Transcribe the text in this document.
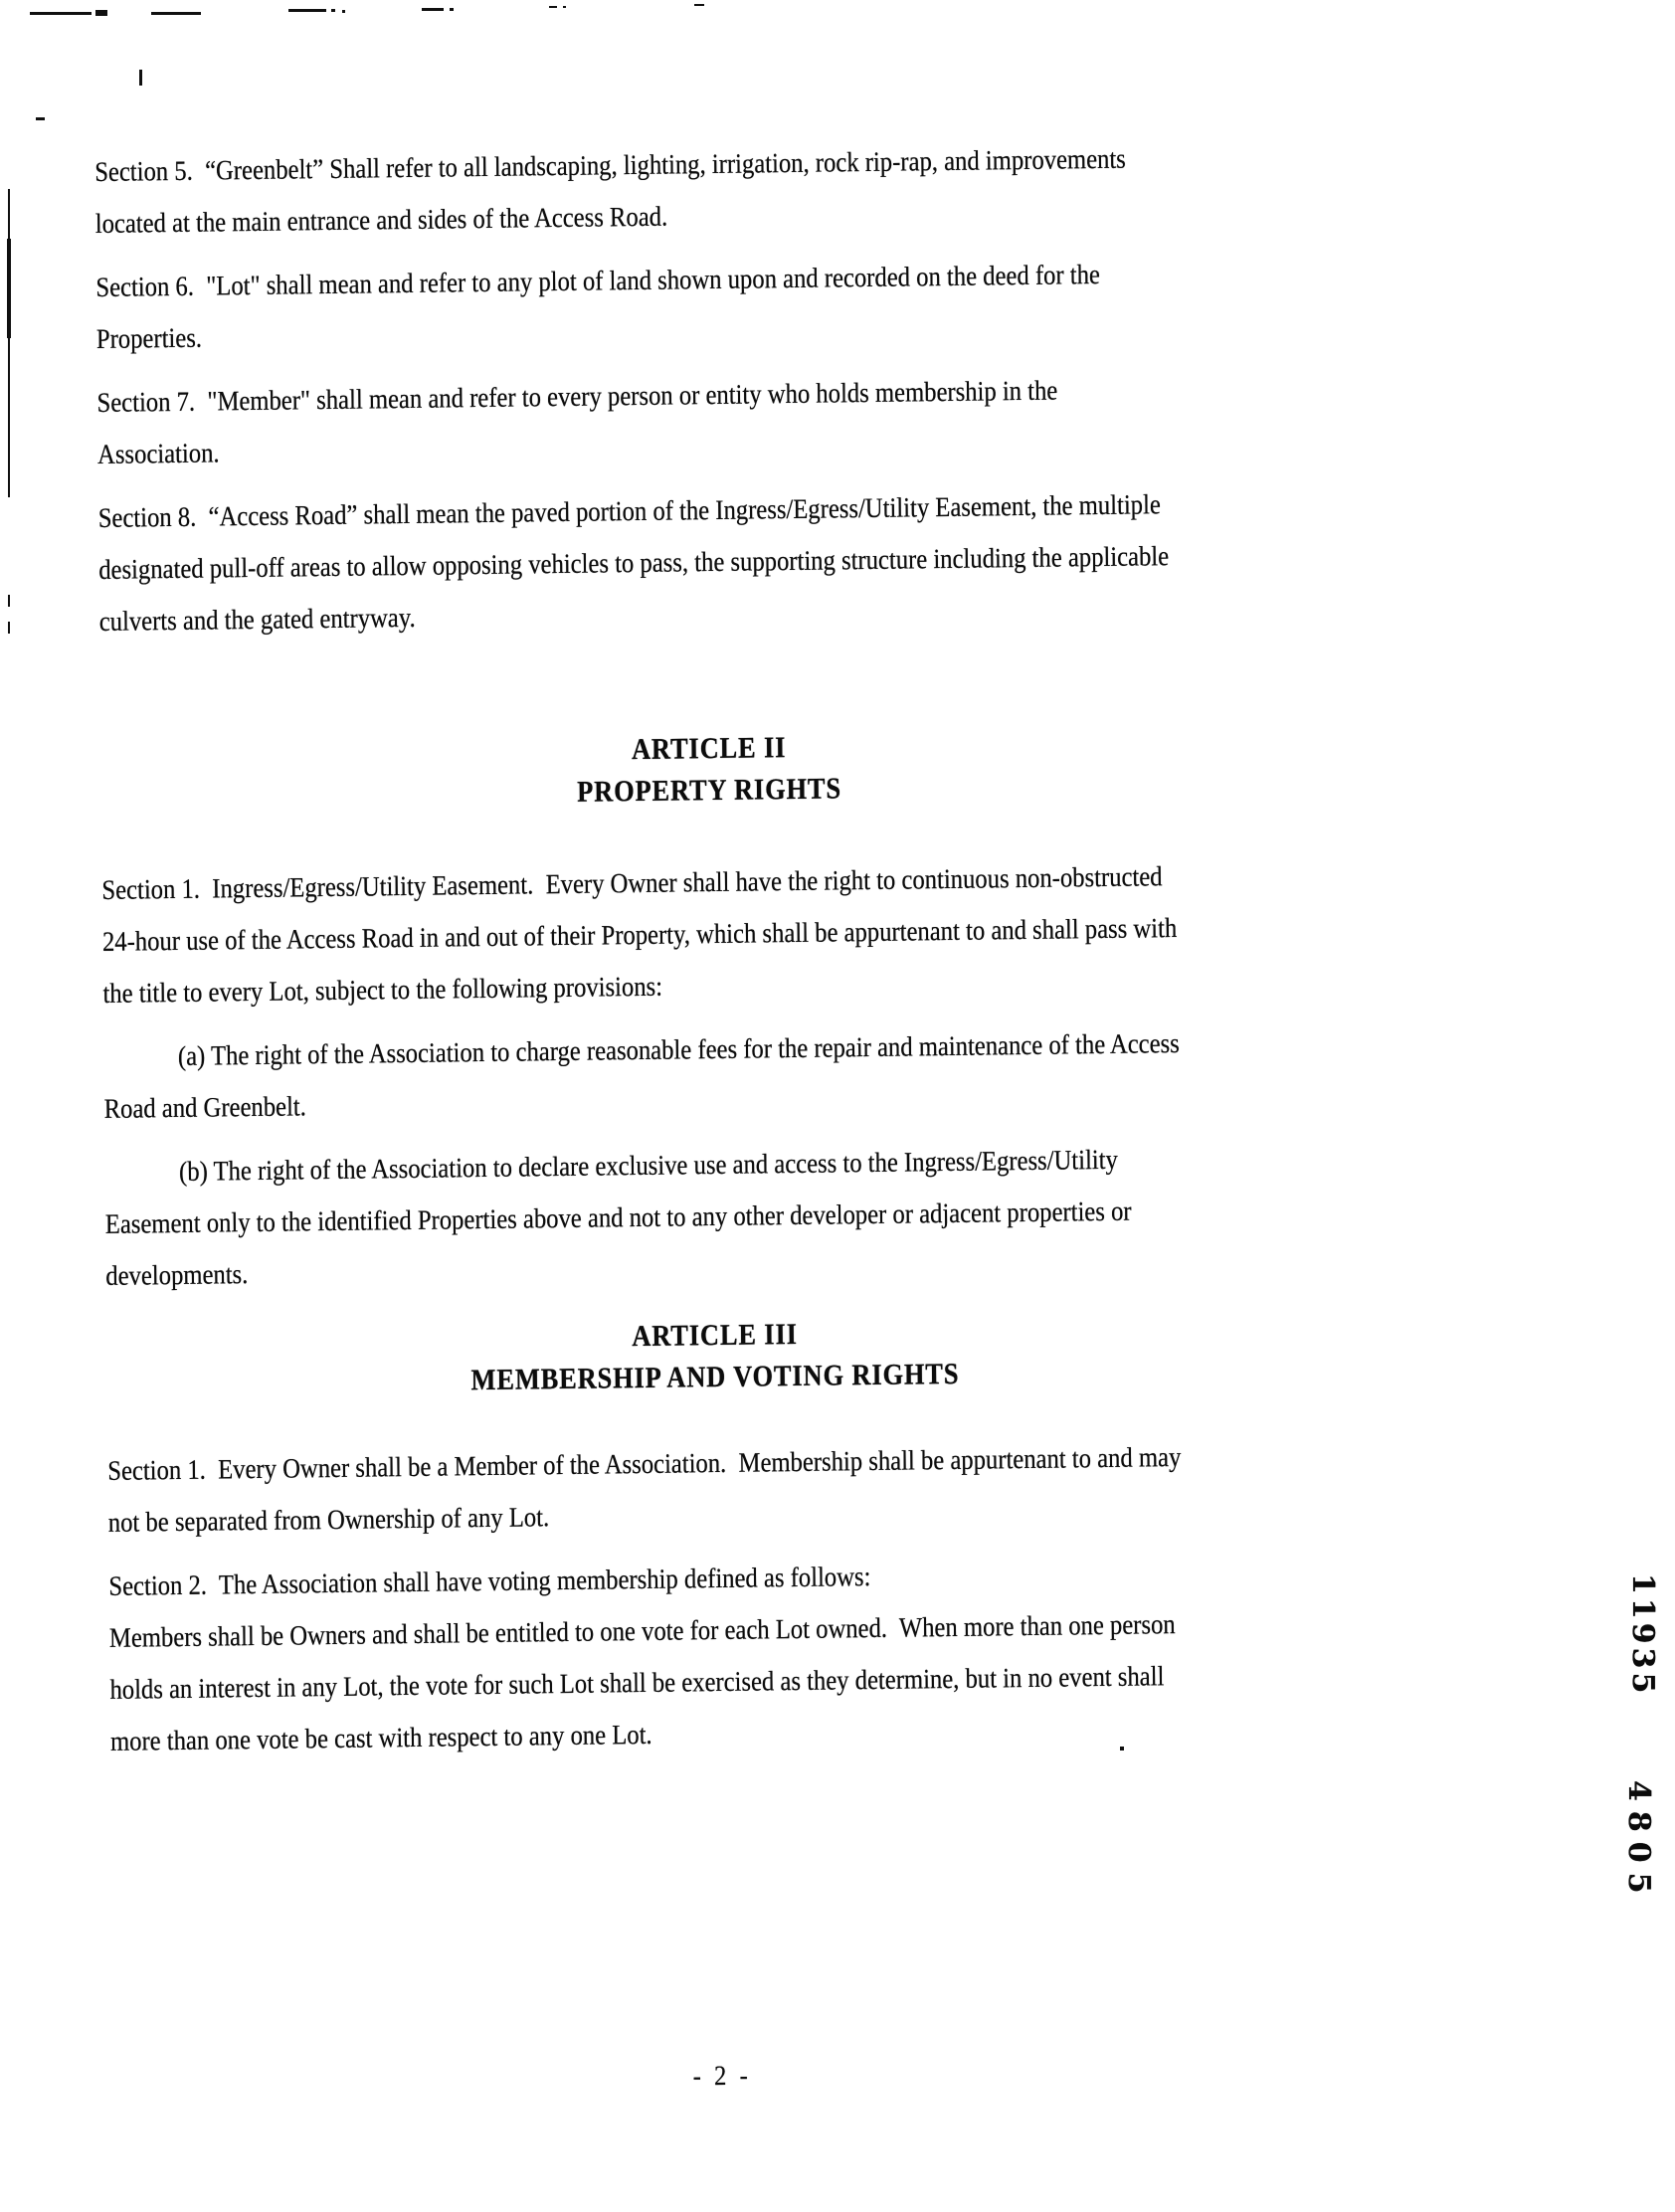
Section 5.  “Greenbelt” Shall refer to all landscaping, lighting, irrigation, rock rip-rap, and improvements
located at the main entrance and sides of the Access Road.
Section 6.  "Lot" shall mean and refer to any plot of land shown upon and recorded on the deed for the
Properties.
Section 7.  "Member" shall mean and refer to every person or entity who holds membership in the
Association.
Section 8.  “Access Road” shall mean the paved portion of the Ingress/Egress/Utility Easement, the multiple
designated pull-off areas to allow opposing vehicles to pass, the supporting structure including the applicable
culverts and the gated entryway.
ARTICLE II
PROPERTY RIGHTS
Section 1.  Ingress/Egress/Utility Easement.  Every Owner shall have the right to continuous non-obstructed
24-hour use of the Access Road in and out of their Property, which shall be appurtenant to and shall pass with
the title to every Lot, subject to the following provisions:
(a) The right of the Association to charge reasonable fees for the repair and maintenance of the Access
Road and Greenbelt.
(b) The right of the Association to declare exclusive use and access to the Ingress/Egress/Utility
Easement only to the identified Properties above and not to any other developer or adjacent properties or
developments.
ARTICLE III
MEMBERSHIP AND VOTING RIGHTS
Section 1.  Every Owner shall be a Member of the Association.  Membership shall be appurtenant to and may
not be separated from Ownership of any Lot.
Section 2.  The Association shall have voting membership defined as follows:
Members shall be Owners and shall be entitled to one vote for each Lot owned.  When more than one person
holds an interest in any Lot, the vote for such Lot shall be exercised as they determine, but in no event shall
more than one vote be cast with respect to any one Lot.
- 2 -
11935
4805
